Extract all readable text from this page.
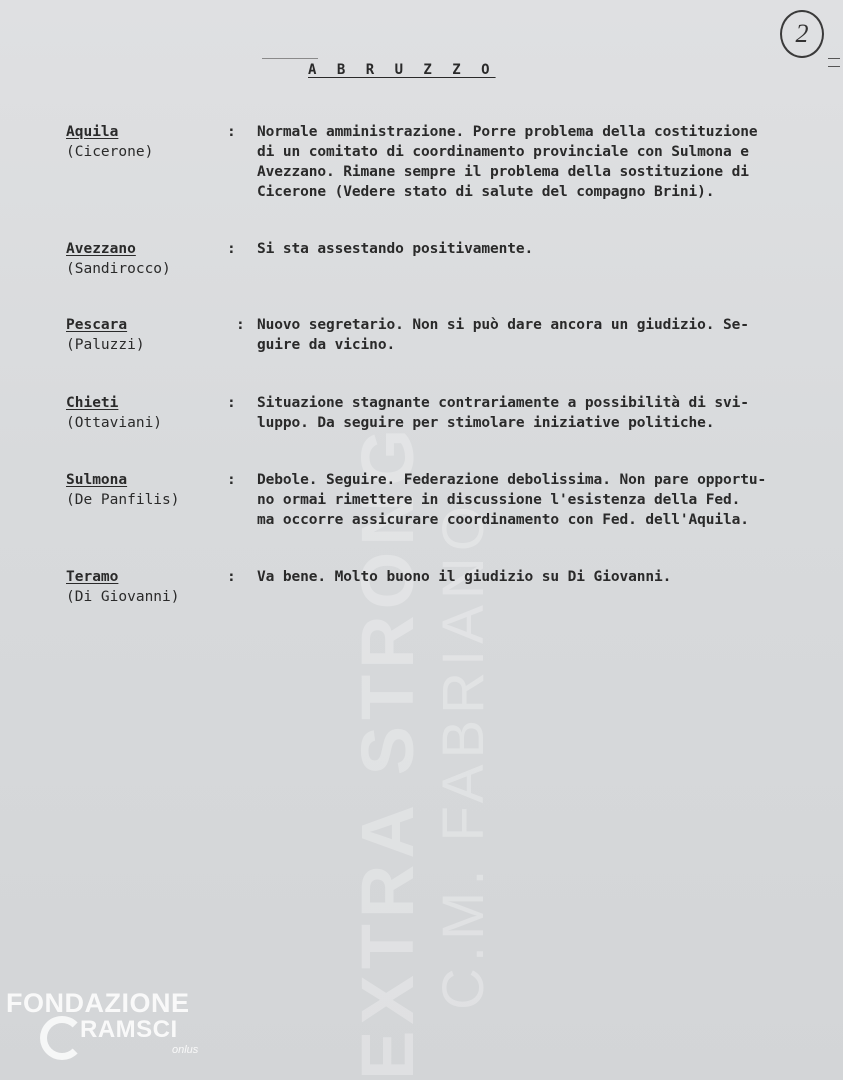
EXTRA STRONG C.M. FABRIANO
2
A B R U Z Z O
Aquila
(Cicerone)
: Normale amministrazione. Porre problema della costituzione
di un comitato di coordinamento provinciale con Sulmona e
Avezzano. Rimane sempre il problema della sostituzione di
Cicerone (Vedere stato di salute del compagno Brini).
Avezzano
(Sandirocco)
: Si sta assestando positivamente.
Pescara
(Paluzzi)
: Nuovo segretario. Non si può dare ancora un giudizio. Se-
guire da vicino.
Chieti
(Ottaviani)
: Situazione stagnante contrariamente a possibilità di svi-
luppo. Da seguire per stimolare iniziative politiche.
Sulmona
(De Panfilis)
: Debole. Seguire. Federazione debolissima. Non pare opportu-
no ormai rimettere in discussione l'esistenza della Fed.
ma occorre assicurare coordinamento con Fed. dell'Aquila.
Teramo
(Di Giovanni)
: Va bene. Molto buono il giudizio su Di Giovanni.
FONDAZIONE
RAMSCI
onlus
